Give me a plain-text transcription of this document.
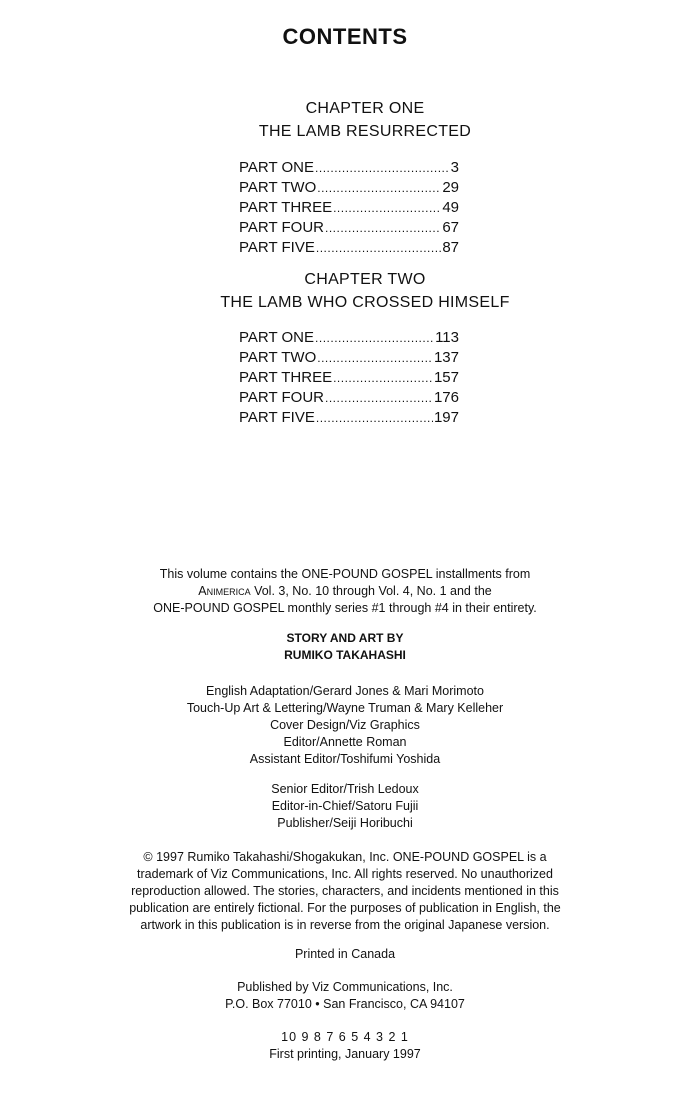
CONTENTS
CHAPTER ONE
THE LAMB RESURRECTED
PART ONE .....	3
PART TWO .....	29
PART THREE .....	49
PART FOUR .....	67
PART FIVE .....	87
CHAPTER TWO
THE LAMB WHO CROSSED HIMSELF
PART ONE .....	113
PART TWO .....	137
PART THREE .....	157
PART FOUR .....	176
PART FIVE .....	197
This volume contains the ONE-POUND GOSPEL installments from
Animerica Vol. 3, No. 10 through Vol. 4, No. 1 and the
ONE-POUND GOSPEL monthly series #1 through #4 in their entirety.
STORY AND ART BY
RUMIKO TAKAHASHI
English Adaptation/Gerard Jones & Mari Morimoto
Touch-Up Art & Lettering/Wayne Truman & Mary Kelleher
Cover Design/Viz Graphics
Editor/Annette Roman
Assistant Editor/Toshifumi Yoshida
Senior Editor/Trish Ledoux
Editor-in-Chief/Satoru Fujii
Publisher/Seiji Horibuchi
© 1997 Rumiko Takahashi/Shogakukan, Inc. ONE-POUND GOSPEL is a
trademark of Viz Communications, Inc. All rights reserved. No unauthorized
reproduction allowed. The stories, characters, and incidents mentioned in this
publication are entirely fictional. For the purposes of publication in English, the
artwork in this publication is in reverse from the original Japanese version.
Printed in Canada
Published by Viz Communications, Inc.
P.O. Box 77010 • San Francisco, CA 94107
10 9 8 7 6 5 4 3 2 1
First printing, January 1997
